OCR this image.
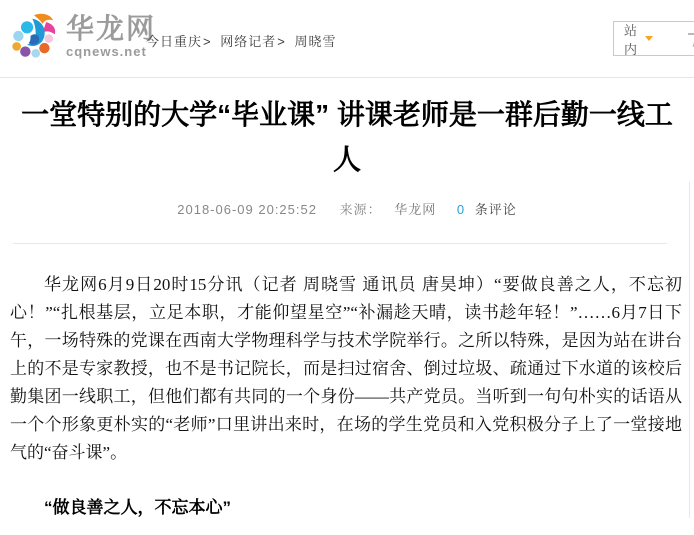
华龙网
cqnews.net
今日重庆> 网络记者> 周晓雪
站内
一堂特别的大学“毕业课” 讲课老师是一群后勤一线工人
2018-06-09 20:25:52 来源： 华龙网 0 条评论

华龙网6月9日20时15分讯（记者 周晓雪 通讯员 唐昊坤）“要做良善之人，不忘初心！”“扎根基层，立足本职，才能仰望星空”“补漏趁天晴，读书趁年轻！”……6月7日下午，一场特殊的党课在西南大学物理科学与技术学院举行。之所以特殊，是因为站在讲台上的不是专家教授，也不是书记院长，而是扫过宿舍、倒过垃圾、疏通过下水道的该校后勤集团一线职工，但他们都有共同的一个身份——共产党员。当听到一句句朴实的话语从一个个形象更朴实的“老师”口里讲出来时，在场的学生党员和入党积极分子上了一堂接地气的“奋斗课”。

“做良善之人，不忘本心”
